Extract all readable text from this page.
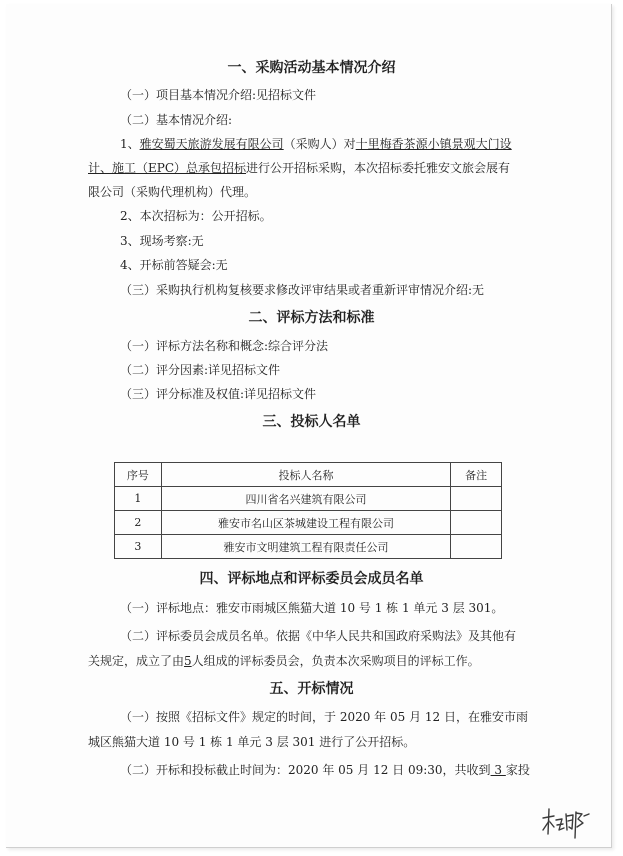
一、采购活动基本情况介绍
（一）项目基本情况介绍:见招标文件
（二）基本情况介绍:
1、雅安蜀天旅游发展有限公司（采购人）对十里梅香茶源小镇景观大门设
计、施工（EPC）总承包招标进行公开招标采购，本次招标委托雅安文旅会展有
限公司（采购代理机构）代理。
2、本次招标为：公开招标。
3、现场考察:无
4、开标前答疑会:无
（三）采购执行机构复核要求修改评审结果或者重新评审情况介绍:无
二、评标方法和标准
（一）评标方法名称和概念:综合评分法
（二）评分因素:详见招标文件
（三）评分标准及权值:详见招标文件
三、投标人名单
序号	投标人名称	备注
1	四川省名兴建筑有限公司	
2	雅安市名山区茶城建设工程有限公司	
3	雅安市文明建筑工程有限责任公司	
四、评标地点和评标委员会成员名单
（一）评标地点：雅安市雨城区熊猫大道 10 号 1 栋 1 单元 3 层 301。
（二）评标委员会成员名单。依据《中华人民共和国政府采购法》及其他有
关规定，成立了由5人组成的评标委员会，负责本次采购项目的评标工作。
五、开标情况
（一）按照《招标文件》规定的时间，于 2020 年 05 月 12 日，在雅安市雨
城区熊猫大道 10 号 1 栋 1 单元 3 层 301 进行了公开招标。
（二）开标和投标截止时间为：2020 年 05 月 12 日 09:30，共收到 3 家投
